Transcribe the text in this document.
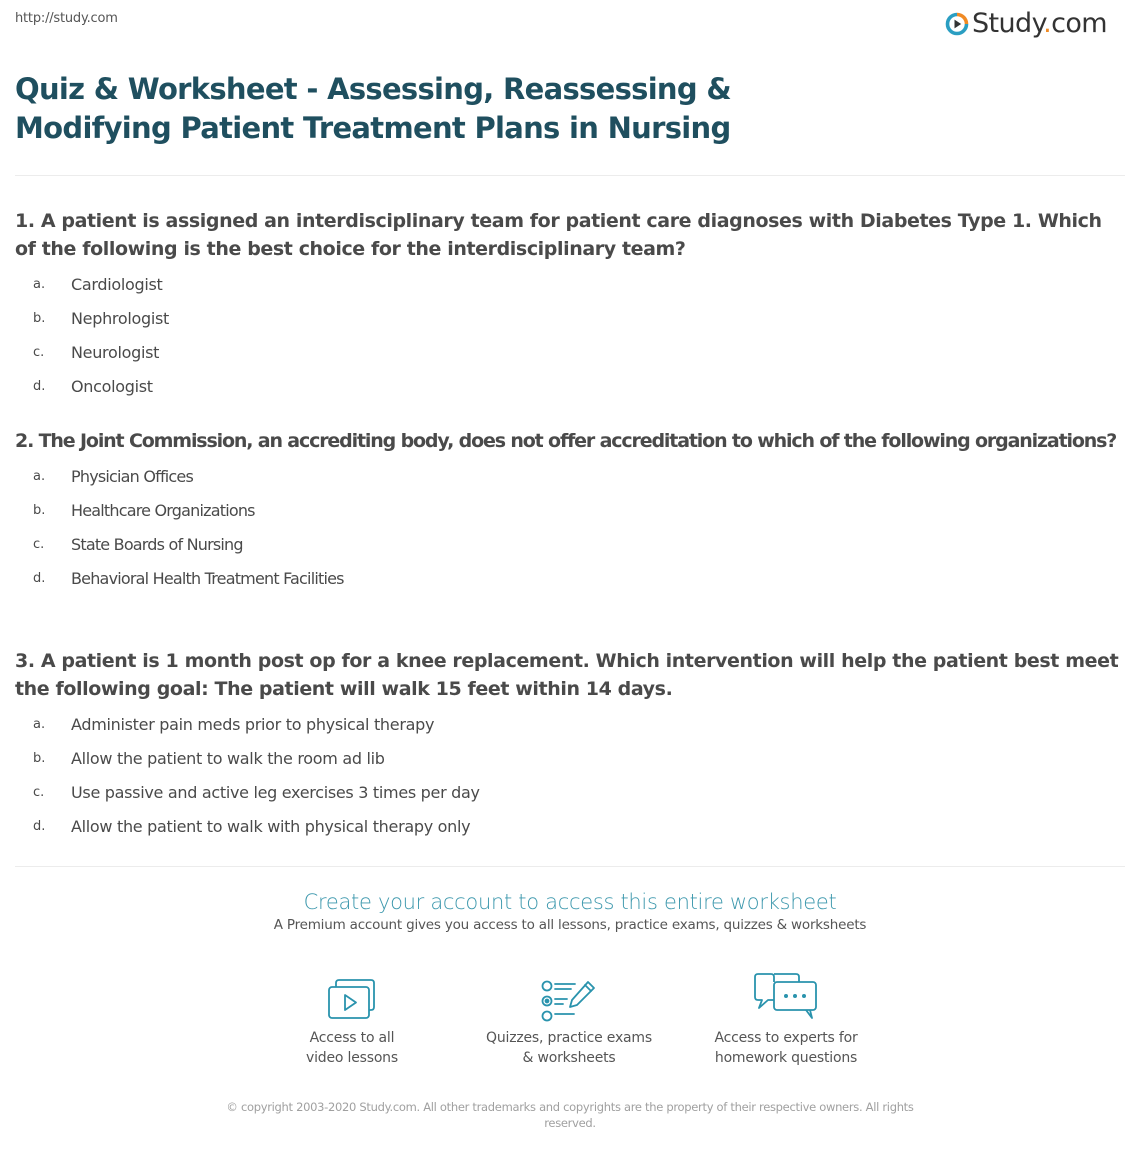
http://study.com	Study.com
Quiz & Worksheet - Assessing, Reassessing & Modifying Patient Treatment Plans in Nursing
1. A patient is assigned an interdisciplinary team for patient care diagnoses with Diabetes Type 1. Which of the following is the best choice for the interdisciplinary team?
a.	Cardiologist
b.	Nephrologist
c.	Neurologist
d.	Oncologist
2. The Joint Commission, an accrediting body, does not offer accreditation to which of the following organizations?
a.	Physician Offices
b.	Healthcare Organizations
c.	State Boards of Nursing
d.	Behavioral Health Treatment Facilities
3. A patient is 1 month post op for a knee replacement. Which intervention will help the patient best meet the following goal: The patient will walk 15 feet within 14 days.
a.	Administer pain meds prior to physical therapy
b.	Allow the patient to walk the room ad lib
c.	Use passive and active leg exercises 3 times per day
d.	Allow the patient to walk with physical therapy only
Create your account to access this entire worksheet
A Premium account gives you access to all lessons, practice exams, quizzes & worksheets
Access to all
video lessons
Quizzes, practice exams
& worksheets
Access to experts for
homework questions
© copyright 2003-2020 Study.com. All other trademarks and copyrights are the property of their respective owners. All rights reserved.
